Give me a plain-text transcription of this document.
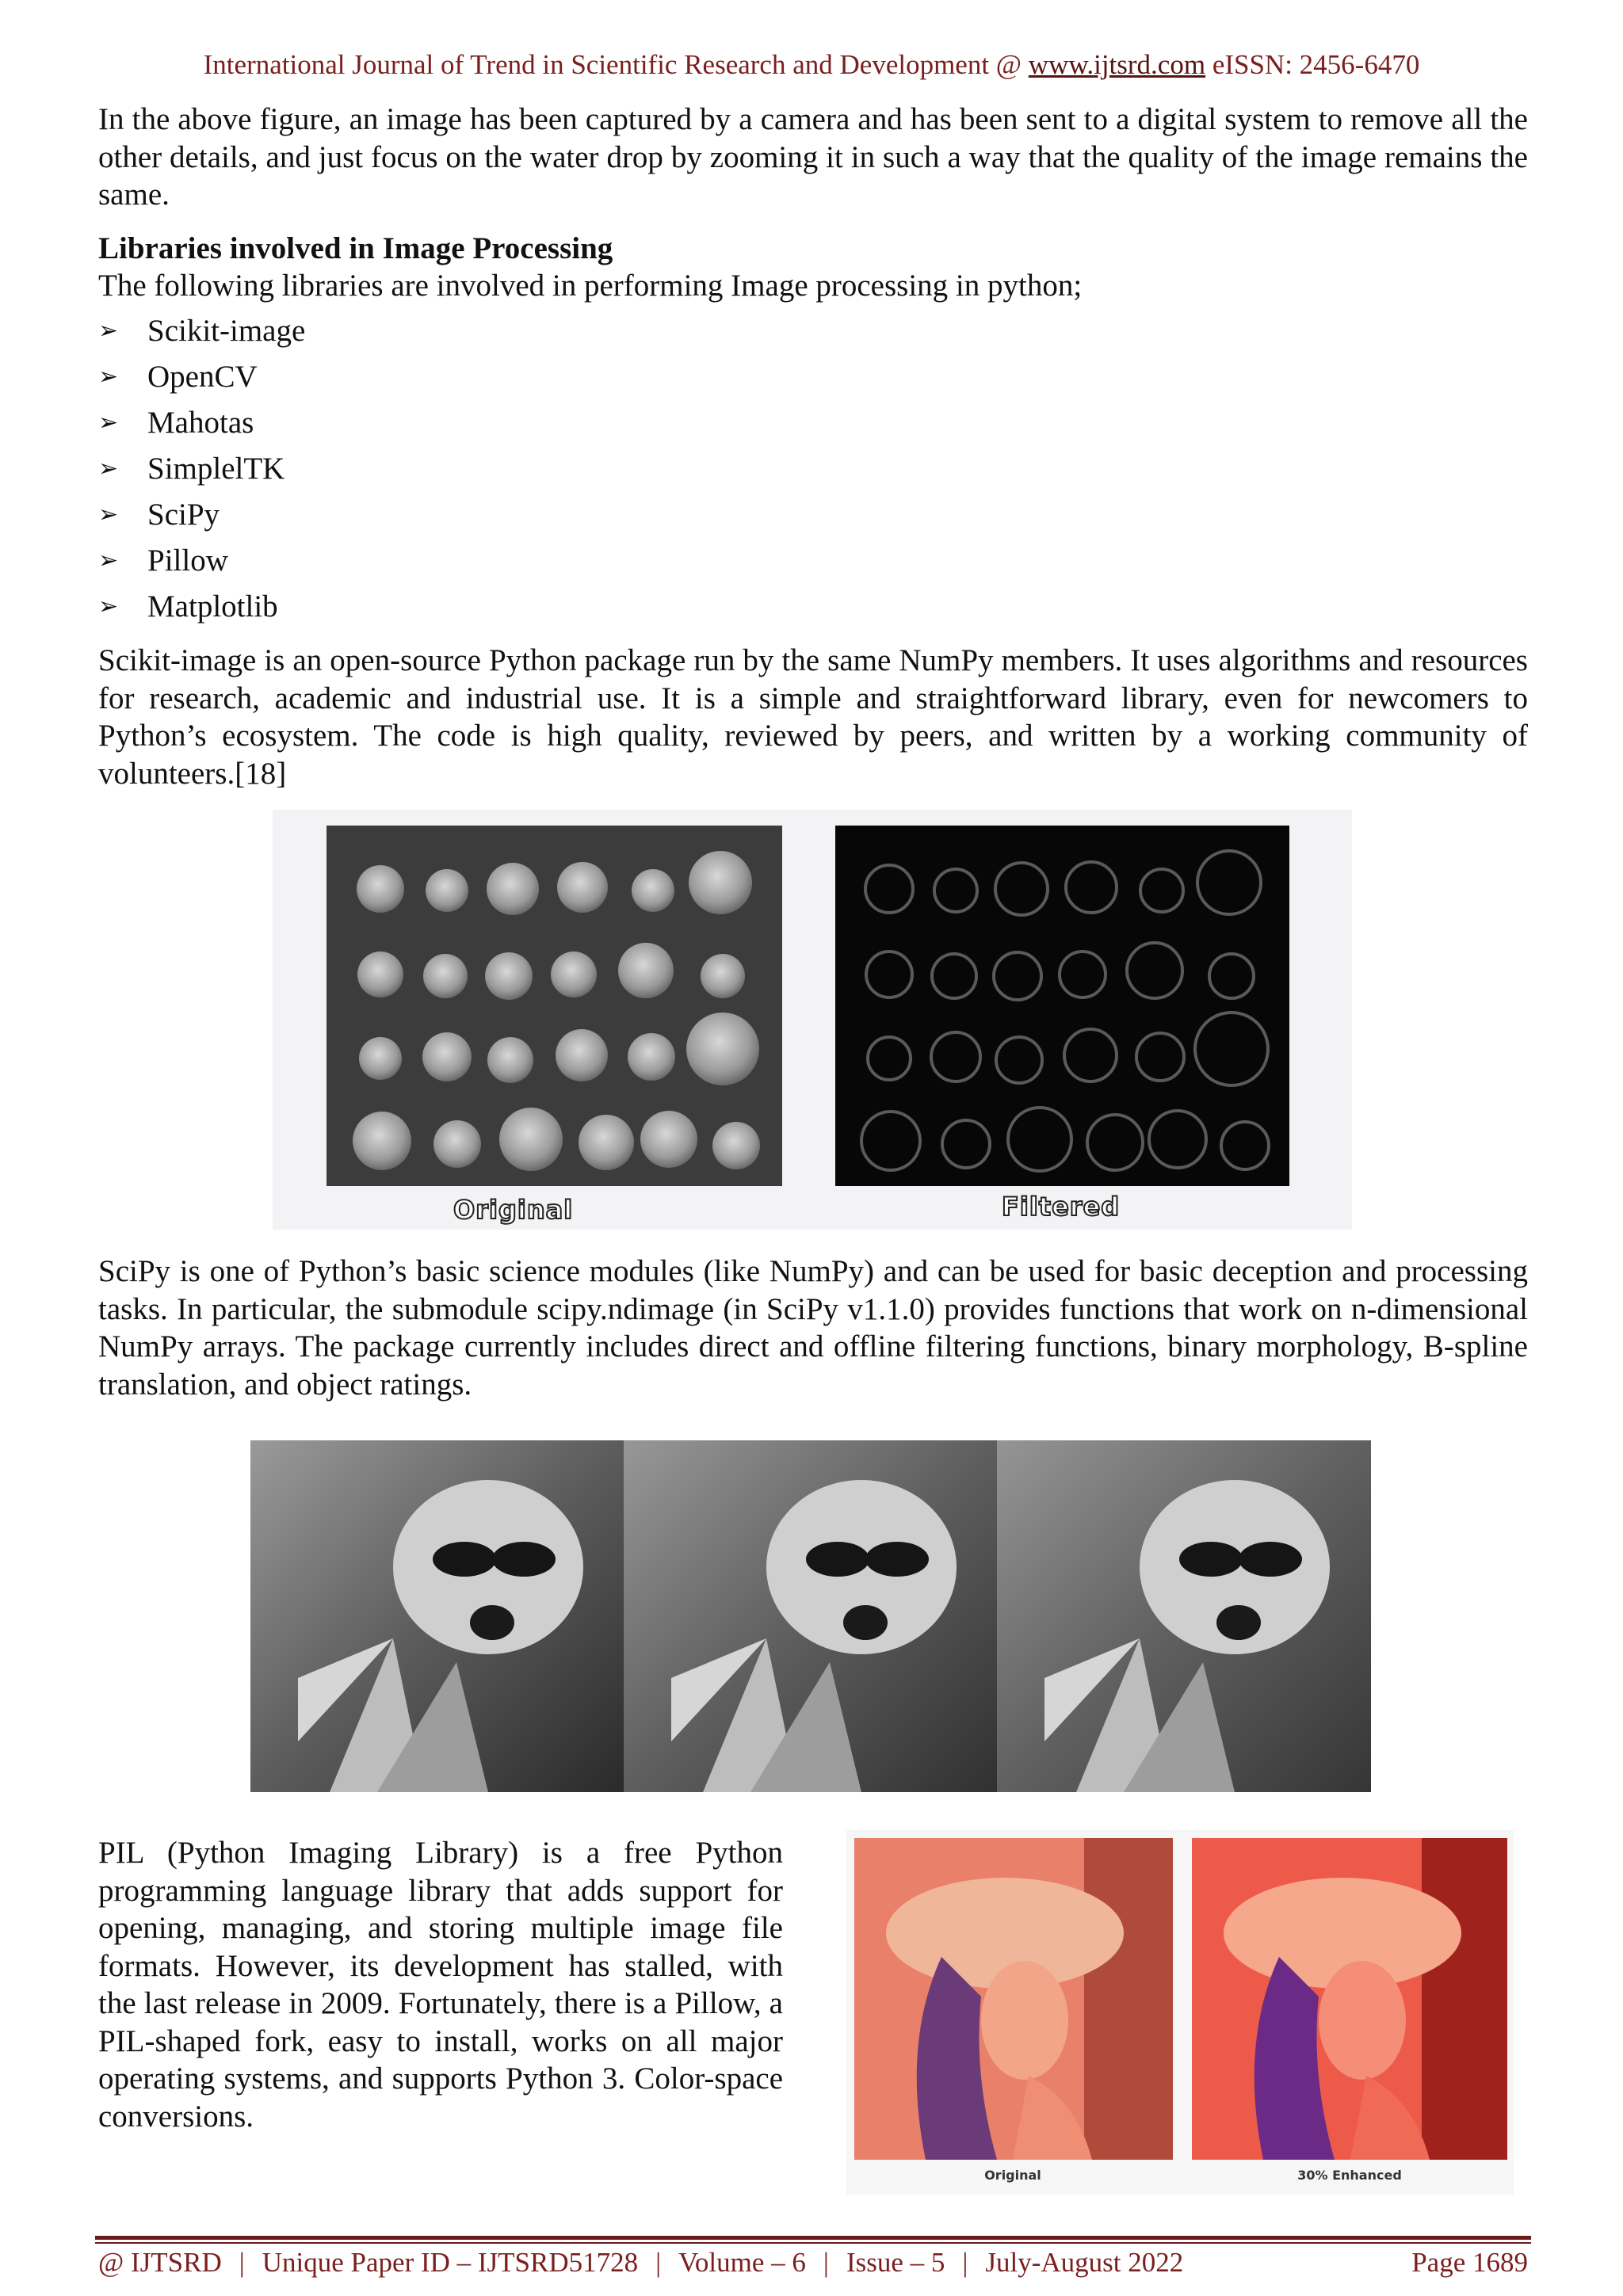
International Journal of Trend in Scientific Research and Development @ www.ijtsrd.com eISSN: 2456-6470

In the above figure, an image has been captured by a camera and has been sent to a digital system to remove all the other details, and just focus on the water drop by zooming it in such a way that the quality of the image remains the same.

Libraries involved in Image Processing

The following libraries are involved in performing Image processing in python;

➢ Scikit-image
➢ OpenCV
➢ Mahotas
➢ SimplelTK
➢ SciPy
➢ Pillow
➢ Matplotlib

Scikit-image is an open-source Python package run by the same NumPy members. It uses algorithms and resources for research, academic and industrial use. It is a simple and straightforward library, even for newcomers to Python’s ecosystem. The code is high quality, reviewed by peers, and written by a working community of volunteers.[18]

Original	Filtered

SciPy is one of Python’s basic science modules (like NumPy) and can be used for basic deception and processing tasks. In particular, the submodule scipy.ndimage (in SciPy v1.1.0) provides functions that work on n-dimensional NumPy arrays. The package currently includes direct and offline filtering functions, binary morphology, B-spline translation, and object ratings.

PIL (Python Imaging Library) is a free Python programming language library that adds support for opening, managing, and storing multiple image file formats. However, its development has stalled, with the last release in 2009. Fortunately, there is a Pillow, a PIL-shaped fork, easy to install, works on all major operating systems, and supports Python 3. Color-space conversions.

Original	30% Enhanced
@ IJTSRD | Unique Paper ID – IJTSRD51728 | Volume – 6 | Issue – 5 | July-August 2022	Page 1689
